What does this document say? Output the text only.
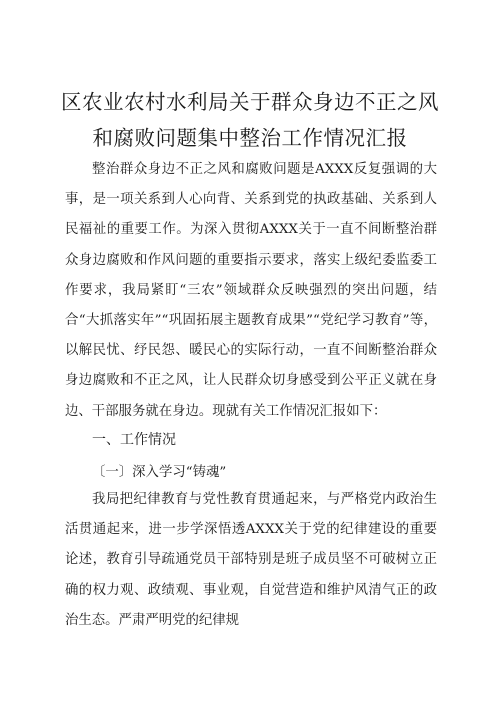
区农业农村水利局关于群众身边不正之风和腐败问题集中整治工作情况汇报

整治群众身边不正之风和腐败问题是AXXX反复强调的大事，是一项关系到人心向背、关系到党的执政基础、关系到人民福祉的重要工作。为深入贯彻AXXX关于一直不间断整治群众身边腐败和作风问题的重要指示要求，落实上级纪委监委工作要求，我局紧盯“三农”领域群众反映强烈的突出问题，结合“大抓落实年”“巩固拓展主题教育成果”“党纪学习教育”等，以解民忧、纾民怨、暖民心的实际行动，一直不间断整治群众身边腐败和不正之风，让人民群众切身感受到公平正义就在身边、干部服务就在身边。现就有关工作情况汇报如下：

一、工作情况
〔一〕深入学习“铸魂”

我局把纪律教育与党性教育贯通起来，与严格党内政治生活贯通起来，进一步学深悟透AXXX关于党的纪律建设的重要论述，教育引导疏通党员干部特别是班子成员坚不可破树立正确的权力观、政绩观、事业观，自觉营造和维护风清气正的政治生态。严肃严明党的纪律规
